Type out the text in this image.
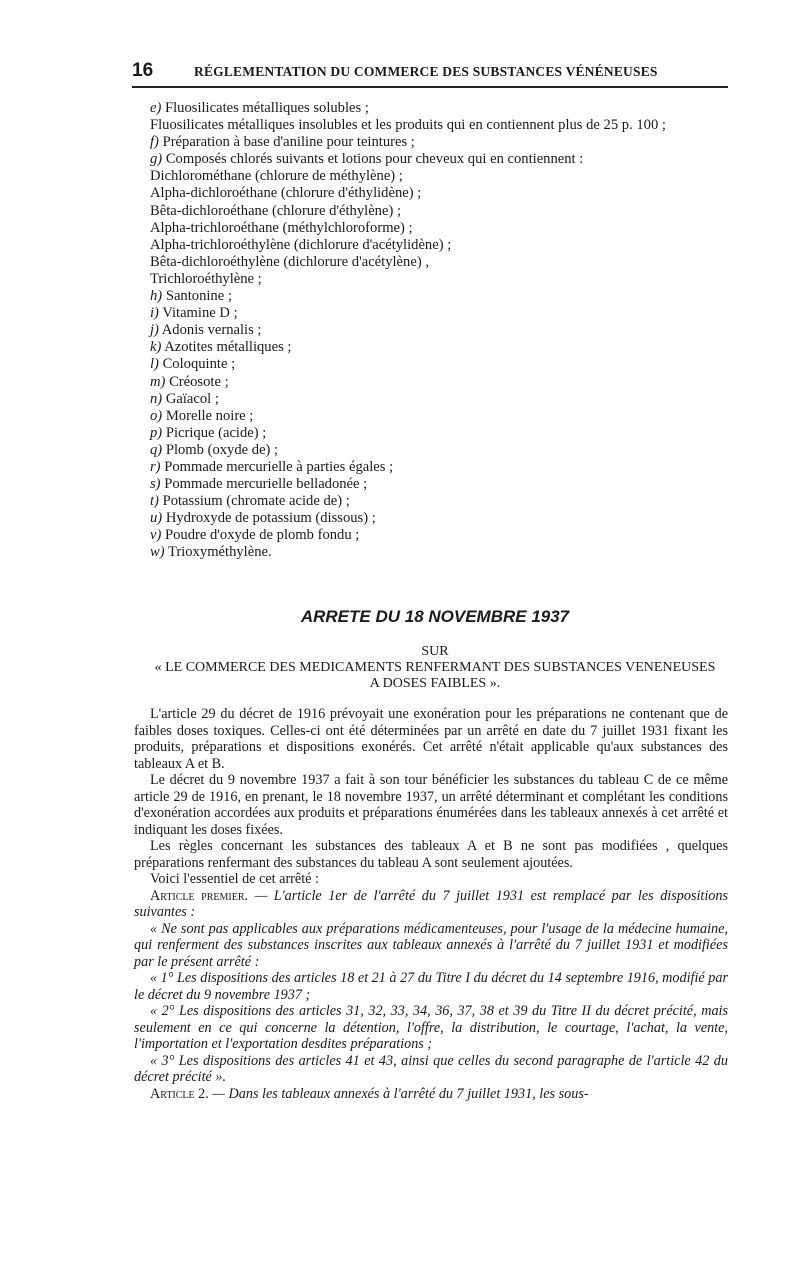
16	RÉGLEMENTATION DU COMMERCE DES SUBSTANCES VÉNÉNEUSES
e) Fluosilicates métalliques solubles ;
Fluosilicates métalliques insolubles et les produits qui en contiennent plus de 25 p. 100 ;
f) Préparation à base d'aniline pour teintures ;
g) Composés chlorés suivants et lotions pour cheveux qui en contiennent :
Dichlorométhane (chlorure de méthylène) ;
Alpha-dichloroéthane (chlorure d'éthylidène) ;
Bêta-dichloroéthane (chlorure d'éthylène) ;
Alpha-trichloroéthane (méthylchloroforme) ;
Alpha-trichloroéthylène (dichlorure d'acétylidène) ;
Bêta-dichloroéthylène (dichlorure d'acétylène) ,
Trichloroéthylène ;
h) Santonine ;
i) Vitamine D ;
j) Adonis vernalis ;
k) Azotites métalliques ;
l) Coloquinte ;
m) Créosote ;
n) Gaïacol ;
o) Morelle noire ;
p) Picrique (acide) ;
q) Plomb (oxyde de) ;
r) Pommade mercurielle à parties égales ;
s) Pommade mercurielle belladonée ;
t) Potassium (chromate acide de) ;
u) Hydroxyde de potassium (dissous) ;
v) Poudre d'oxyde de plomb fondu ;
w) Trioxyméthylène.
ARRETE DU 18 NOVEMBRE 1937
SUR
« LE COMMERCE DES MEDICAMENTS RENFERMANT DES SUBSTANCES VENENEUSES A DOSES FAIBLES ».

L'article 29 du décret de 1916 prévoyait une exonération pour les préparations ne contenant que de faibles doses toxiques. Celles-ci ont été déterminées par un arrêté en date du 7 juillet 1931 fixant les produits, préparations et dispositions exonérés. Cet arrêté n'était applicable qu'aux substances des tableaux A et B.

Le décret du 9 novembre 1937 a fait à son tour bénéficier les substances du tableau C de ce même article 29 de 1916, en prenant, le 18 novembre 1937, un arrêté déterminant et complétant les conditions d'exonération accordées aux produits et préparations énumérées dans les tableaux annexés à cet arrêté et indiquant les doses fixées.

Les règles concernant les substances des tableaux A et B ne sont pas modifiées , quelques préparations renfermant des substances du tableau A sont seulement ajoutées.

Voici l'essentiel de cet arrêté :

Article premier. — L'article 1er de l'arrêté du 7 juillet 1931 est remplacé par les dispositions suivantes :

« Ne sont pas applicables aux préparations médicamenteuses, pour l'usage de la médecine humaine, qui renferment des substances inscrites aux tableaux annexés à l'arrêté du 7 juillet 1931 et modifiées par le présent arrêté :

« 1° Les dispositions des articles 18 et 21 à 27 du Titre I du décret du 14 septembre 1916, modifié par le décret du 9 novembre 1937 ;

« 2° Les dispositions des articles 31, 32, 33, 34, 36, 37, 38 et 39 du Titre II du décret précité, mais seulement en ce qui concerne la détention, l'offre, la distribution, le courtage, l'achat, la vente, l'importation et l'exportation desdites préparations ;

« 3° Les dispositions des articles 41 et 43, ainsi que celles du second paragraphe de l'article 42 du décret précité ».

Article 2. — Dans les tableaux annexés à l'arrêté du 7 juillet 1931, les sous-
